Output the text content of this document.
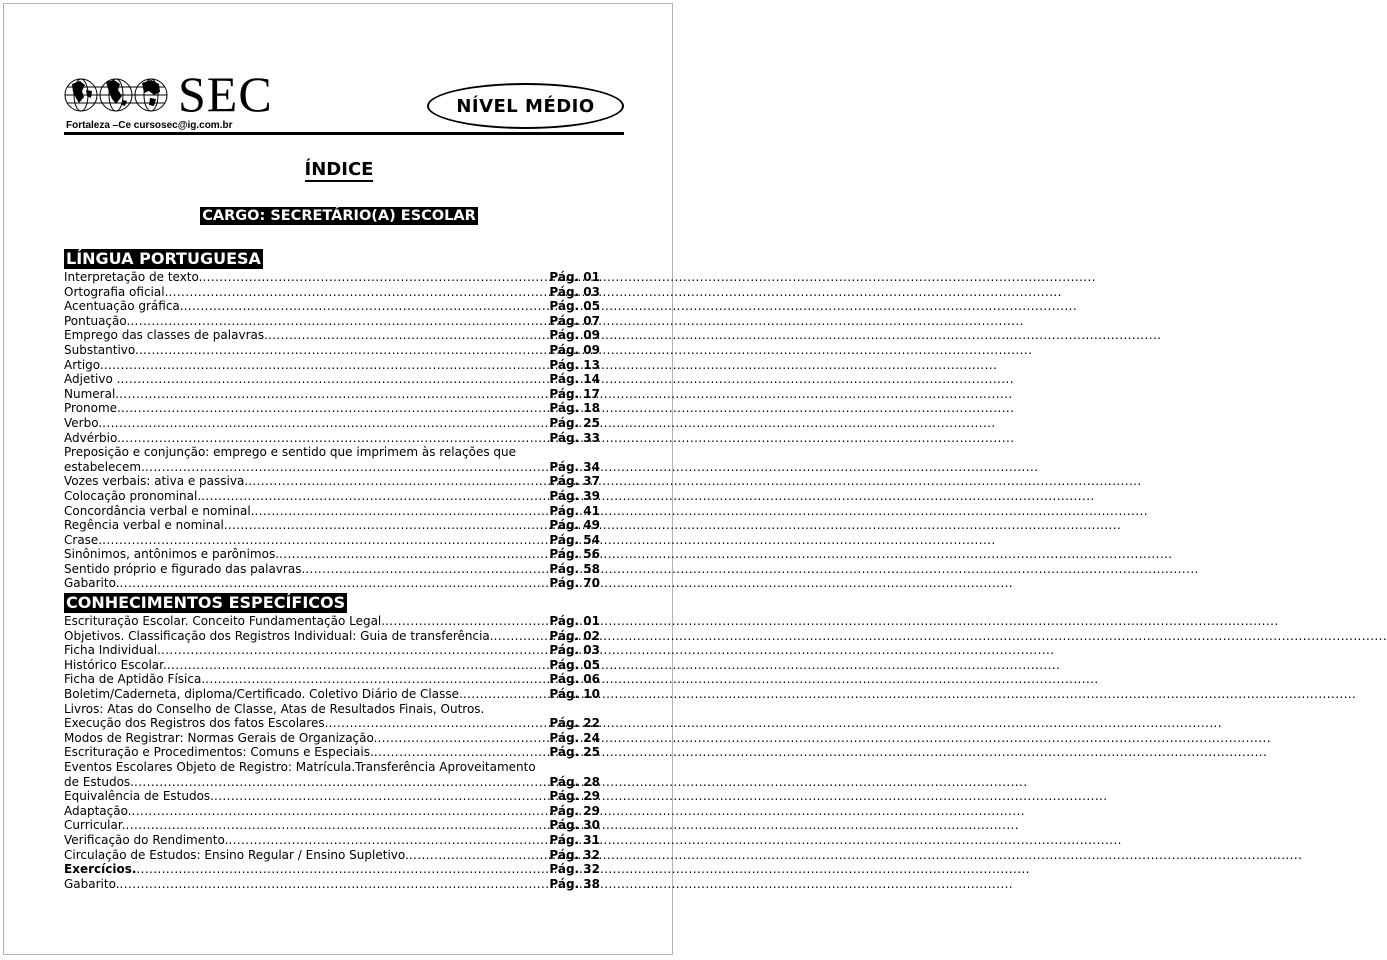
SEC
Fortaleza –Ce cursosec@ig.com.br
NÍVEL MÉDIO
ÍNDICE
CARGO: SECRETÁRIO(A) ESCOLAR
LÍNGUA PORTUGUESA
Interpretação de texto. .....	Pág. 01
Ortografia oficial. .....	Pág. 03
Acentuação gráfica. .....	Pág. 05
Pontuação. .....	Pág. 07
Emprego das classes de palavras. .....	Pág. 09
Substantivo. .....	Pág. 09
Artigo. .....	Pág. 13
Adjetivo . .....	Pág. 14
Numeral. .....	Pág. 17
Pronome. .....	Pág. 18
Verbo. .....	Pág. 25
Advérbio. .....	Pág. 33
Preposição e conjunção: emprego e sentido que imprimem às relações que
estabelecem. .....	Pág. 34
Vozes verbais: ativa e passiva. .....	Pág. 37
Colocação pronominal. .....	Pág. 39
Concordância verbal e nominal. .....	Pág. 41
Regência verbal e nominal. .....	Pág. 49
Crase. .....	Pág. 54
Sinônimos, antônimos e parônimos. .....	Pág. 56
Sentido próprio e figurado das palavras. .....	Pág. 58
Gabarito. .....	Pág. 70
CONHECIMENTOS ESPECÍFICOS
Escrituração Escolar. Conceito Fundamentação Legal. .....	Pág. 01
Objetivos. Classificação dos Registros Individual: Guia de transferência. .....	Pág. 02
Ficha Individual. .....	Pág. 03
Histórico Escolar. .....	Pág. 05
Ficha de Aptidão Física. .....	Pág. 06
Boletim/Caderneta, diploma/Certificado. Coletivo Diário de Classe. .....	Pág. 10
Livros: Atas do Conselho de Classe, Atas de Resultados Finais, Outros.
Execução dos Registros dos fatos Escolares. .....	Pág. 22
Modos de Registrar: Normas Gerais de Organização. .....	Pág. 24
Escrituração e Procedimentos: Comuns e Especiais. .....	Pág. 25
Eventos Escolares Objeto de Registro: Matrícula.Transferência Aproveitamento
de Estudos. .....	Pág. 28
Equivalência de Estudos. .....	Pág. 29
Adaptação. .....	Pág. 29
Curricular. .....	Pág. 30
Verificação do Rendimento. .....	Pág. 31
Circulação de Estudos: Ensino Regular / Ensino Supletivo. .....	Pág. 32
Exercícios. .....	Pág. 32
Gabarito. .....	Pág. 38
